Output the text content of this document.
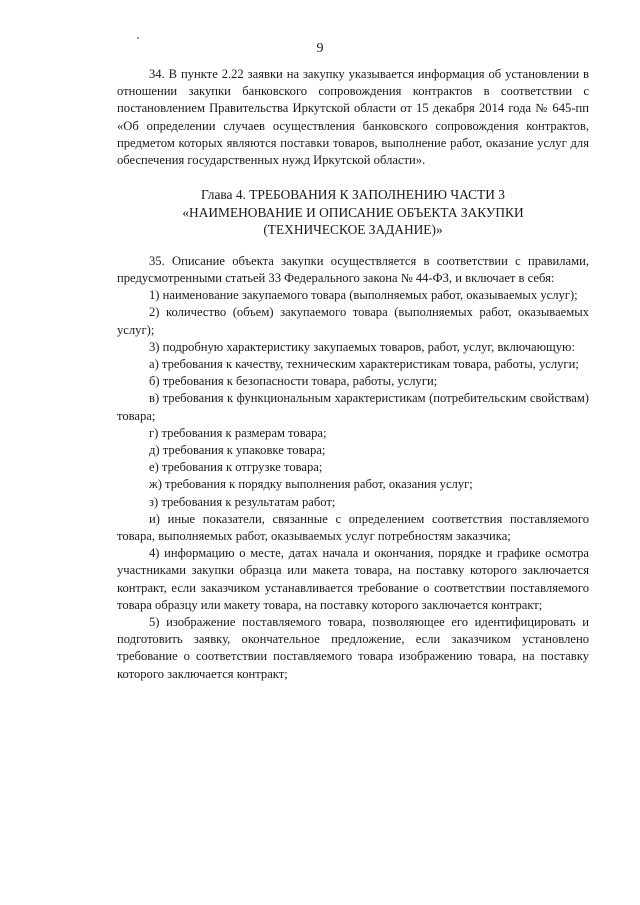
9

34. В пункте 2.22 заявки на закупку указывается информация об установлении в отношении закупки банковского сопровождения контрактов в соответствии с постановлением Правительства Иркутской области от 15 декабря 2014 года № 645-пп «Об определении случаев осуществления банковского сопровождения контрактов, предметом которых являются поставки товаров, выполнение работ, оказание услуг для обеспечения государственных нужд Иркутской области».

Глава 4. ТРЕБОВАНИЯ К ЗАПОЛНЕНИЮ ЧАСТИ 3
«НАИМЕНОВАНИЕ И ОПИСАНИЕ ОБЪЕКТА ЗАКУПКИ
(ТЕХНИЧЕСКОЕ ЗАДАНИЕ)»

35. Описание объекта закупки осуществляется в соответствии с правилами, предусмотренными статьей 33 Федерального закона № 44-ФЗ, и включает в себя:

1) наименование закупаемого товара (выполняемых работ, оказываемых услуг);

2) количество (объем) закупаемого товара (выполняемых работ, оказываемых услуг);

3) подробную характеристику закупаемых товаров, работ, услуг, включающую:

а) требования к качеству, техническим характеристикам товара, работы, услуги;

б) требования к безопасности товара, работы, услуги;

в) требования к функциональным характеристикам (потребительским свойствам) товара;

г) требования к размерам товара;

д) требования к упаковке товара;

е) требования к отгрузке товара;

ж) требования к порядку выполнения работ, оказания услуг;

з) требования к результатам работ;

и) иные показатели, связанные с определением соответствия поставляемого товара, выполняемых работ, оказываемых услуг потребностям заказчика;

4) информацию о месте, датах начала и окончания, порядке и графике осмотра участниками закупки образца или макета товара, на поставку которого заключается контракт, если заказчиком устанавливается требование о соответствии поставляемого товара образцу или макету товара, на поставку которого заключается контракт;

5) изображение поставляемого товара, позволяющее его идентифицировать и подготовить заявку, окончательное предложение, если заказчиком установлено требование о соответствии поставляемого товара изображению товара, на поставку которого заключается контракт;
